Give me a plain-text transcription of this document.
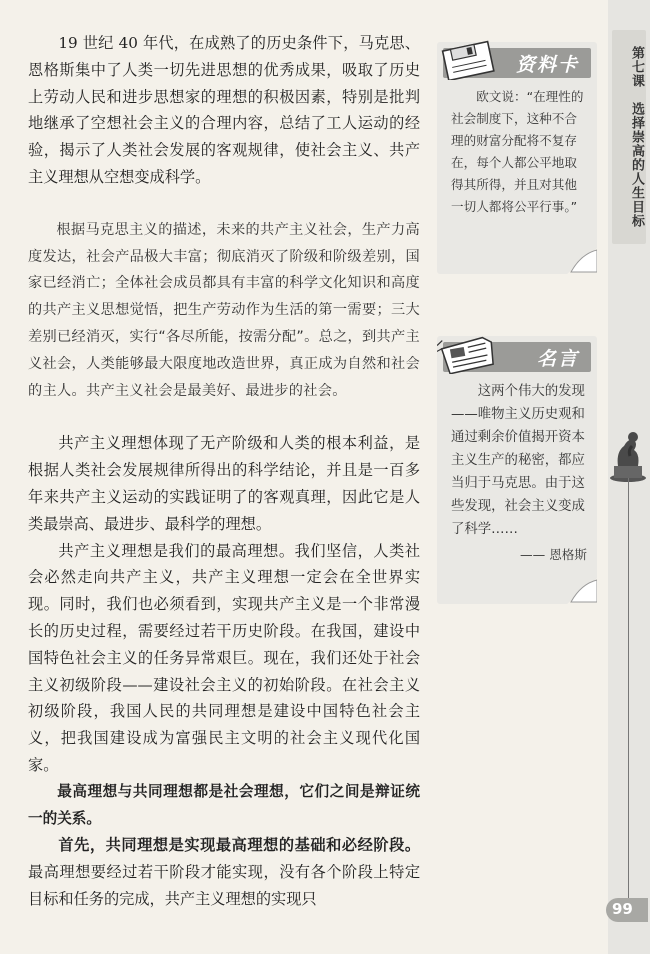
19 世纪 40 年代，在成熟了的历史条件下，马克思、恩格斯集中了人类一切先进思想的优秀成果，吸取了历史上劳动人民和进步思想家的理想的积极因素，特别是批判地继承了空想社会主义的合理内容，总结了工人运动的经验，揭示了人类社会发展的客观规律，使社会主义、共产主义理想从空想变成科学。

根据马克思主义的描述，未来的共产主义社会，生产力高度发达，社会产品极大丰富；彻底消灭了阶级和阶级差别，国家已经消亡；全体社会成员都具有丰富的科学文化知识和高度的共产主义思想觉悟，把生产劳动作为生活的第一需要；三大差别已经消灭，实行“各尽所能，按需分配”。总之，到共产主义社会，人类能够最大限度地改造世界，真正成为自然和社会的主人。共产主义社会是最美好、最进步的社会。

共产主义理想体现了无产阶级和人类的根本利益，是根据人类社会发展规律所得出的科学结论，并且是一百多年来共产主义运动的实践证明了的客观真理，因此它是人类最崇高、最进步、最科学的理想。

共产主义理想是我们的最高理想。我们坚信，人类社会必然走向共产主义，共产主义理想一定会在全世界实现。同时，我们也必须看到，实现共产主义是一个非常漫长的历史过程，需要经过若干历史阶段。在我国，建设中国特色社会主义的任务异常艰巨。现在，我们还处于社会主义初级阶段——建设社会主义的初始阶段。在社会主义初级阶段，我国人民的共同理想是建设中国特色社会主义，把我国建设成为富强民主文明的社会主义现代化国家。

最高理想与共同理想都是社会理想，它们之间是辩证统一的关系。

首先，共同理想是实现最高理想的基础和必经阶段。最高理想要经过若干阶段才能实现，没有各个阶段上特定目标和任务的完成，共产主义理想的实现只

资料卡

欧文说：“在理性的社会制度下，这种不合理的财富分配将不复存在，每个人都公平地取得其所得，并且对其他一切人都将公平行事。”

名言

这两个伟大的发现——唯物主义历史观和通过剩余价值揭开资本主义生产的秘密，都应当归于马克思。由于这些发现，社会主义变成了科学……

—— 恩格斯
第七课　选择崇高的人生目标
99
